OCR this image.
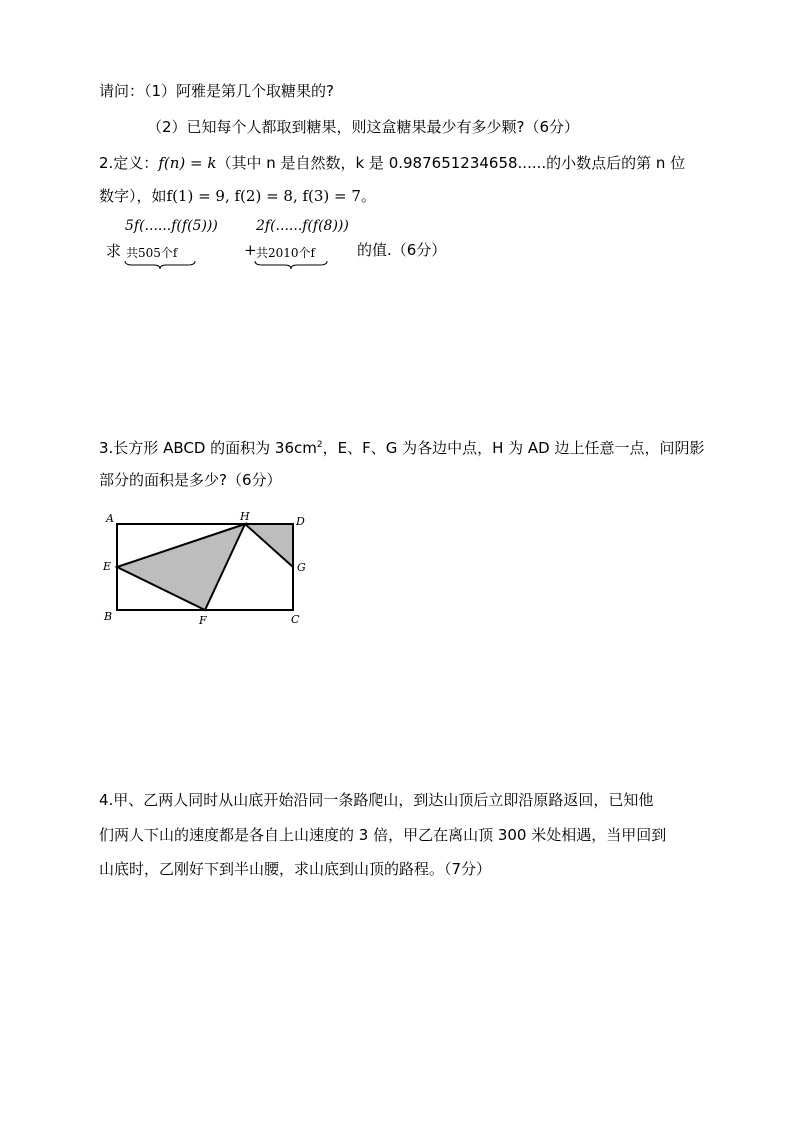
请问：（1）阿雅是第几个取糖果的?
（2）已知每个人都取到糖果，则这盒糖果最少有多少颗?（6分）
2.定义：f(n) = k（其中 n 是自然数，k 是 0.987651234658......的小数点后的第 n 位
数字），如f(1) = 9, f(2) = 8, f(3) = 7。
5f(......f(f(5)))
求 共505个f
2f(......f(f(8)))
+ 共2010个f	的值.（6分）
3.长方形 ABCD 的面积为 $36cm^2$，E、F、G 为各边中点，H 为 AD 边上任意一点，问阴影
部分的面积是多少?（6分）
A	H	D
E	G
B	F	C
4.甲、乙两人同时从山底开始沿同一条路爬山，到达山顶后立即沿原路返回，已知他
们两人下山的速度都是各自上山速度的 3 倍，甲乙在离山顶 300 米处相遇，当甲回到
山底时，乙刚好下到半山腰，求山底到山顶的路程。（7分）
